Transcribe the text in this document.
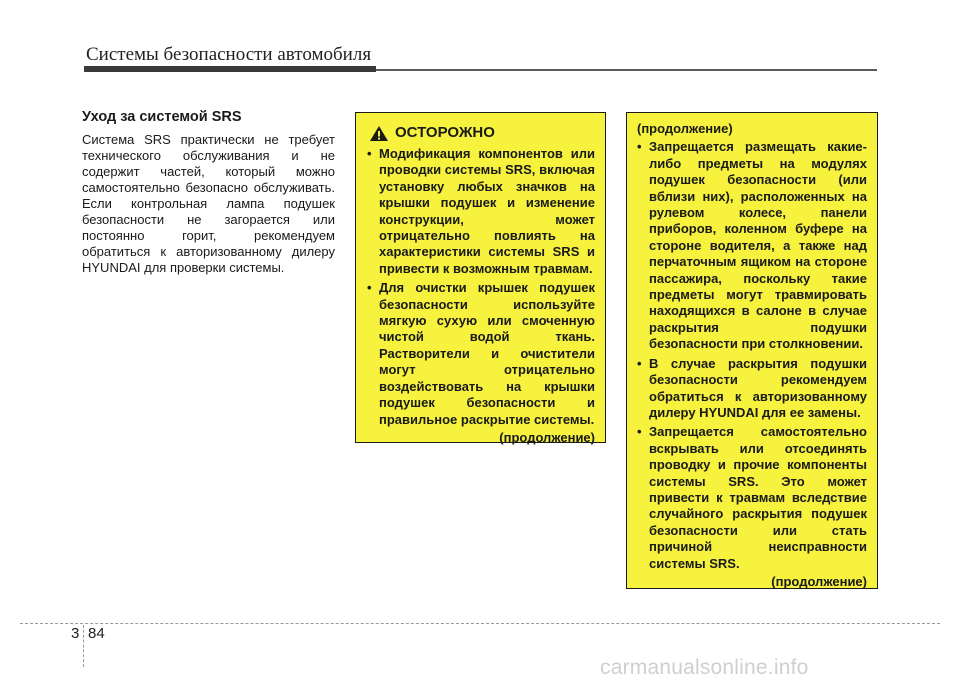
Системы безопасности автомобиля
Уход за системой SRS

Система SRS практически не требует технического обслуживания и не содержит частей, который можно самостоятельно безопасно обслуживать. Если контрольная лампа подушек безопасности не загорается или постоянно горит, рекомендуем обратиться к авторизованному дилеру HYUNDAI для проверки системы.

ОСТОРОЖНО
• Модификация компонентов или проводки системы SRS, включая установку любых значков на крышки подушек и изменение конструкции, может отрицательно повлиять на характеристики системы SRS и привести к возможным травмам.
• Для очистки крышек подушек безопасности используйте мягкую сухую или смоченную чистой водой ткань. Растворители и очистители могут отрицательно воздействовать на крышки подушек безопасности и правильное раскрытие системы.
(продолжение)
(продолжение)
• Запрещается размещать какие-либо предметы на модулях подушек безопасности (или вблизи них), расположенных на рулевом колесе, панели приборов, коленном буфере на стороне водителя, а также над перчаточным ящиком на стороне пассажира, поскольку такие предметы могут травмировать находящихся в салоне в случае раскрытия подушки безопасности при столкновении.
• В случае раскрытия подушки безопасности рекомендуем обратиться к авторизованному дилеру HYUNDAI для ее замены.
• Запрещается самостоятельно вскрывать или отсоединять проводку и прочие компоненты системы SRS. Это может привести к травмам вследствие случайного раскрытия подушек безопасности или стать причиной неисправности системы SRS.
(продолжение)
3 84
carmanualsonline.info
